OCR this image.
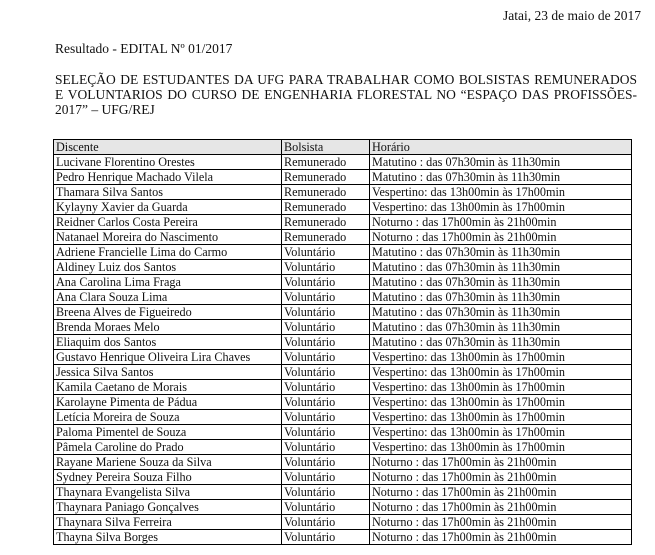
Jatai, 23 de maio de 2017
Resultado - EDITAL Nº 01/2017
SELEÇÃO DE ESTUDANTES DA UFG PARA TRABALHAR COMO BOLSISTAS REMUNERADOS E VOLUNTARIOS DO CURSO DE ENGENHARIA FLORESTAL NO “ESPAÇO DAS PROFISSÕES-2017” – UFG/REJ
Discente	Bolsista	Horário
Lucivane Florentino Orestes	Remunerado	Matutino : das 07h30min às 11h30min
Pedro Henrique Machado Vilela	Remunerado	Matutino : das 07h30min às 11h30min
Thamara Silva Santos	Remunerado	Vespertino: das 13h00min às 17h00min
Kylayny Xavier da Guarda	Remunerado	Vespertino: das 13h00min às 17h00min
Reidner Carlos Costa Pereira	Remunerado	Noturno : das 17h00min às 21h00min
Natanael Moreira do Nascimento	Remunerado	Noturno : das 17h00min às 21h00min
Adriene Francielle Lima do Carmo	Voluntário	Matutino : das 07h30min às 11h30min
Aldiney Luiz dos Santos	Voluntário	Matutino : das 07h30min às 11h30min
Ana Carolina Lima Fraga	Voluntário	Matutino : das 07h30min às 11h30min
Ana Clara Souza Lima	Voluntário	Matutino : das 07h30min às 11h30min
Breena Alves de Figueiredo	Voluntário	Matutino : das 07h30min às 11h30min
Brenda Moraes Melo	Voluntário	Matutino : das 07h30min às 11h30min
Eliaquim dos Santos	Voluntário	Matutino : das 07h30min às 11h30min
Gustavo Henrique Oliveira Lira Chaves	Voluntário	Vespertino: das 13h00min às 17h00min
Jessica Silva Santos	Voluntário	Vespertino: das 13h00min às 17h00min
Kamila Caetano de Morais	Voluntário	Vespertino: das 13h00min às 17h00min
Karolayne Pimenta de Pádua	Voluntário	Vespertino: das 13h00min às 17h00min
Letícia Moreira de Souza	Voluntário	Vespertino: das 13h00min às 17h00min
Paloma Pimentel de Souza	Voluntário	Vespertino: das 13h00min às 17h00min
Pâmela Caroline do Prado	Voluntário	Vespertino: das 13h00min às 17h00min
Rayane Mariene Souza da Silva	Voluntário	Noturno : das 17h00min às 21h00min
Sydney Pereira Souza Filho	Voluntário	Noturno : das 17h00min às 21h00min
Thaynara Evangelista Silva	Voluntário	Noturno : das 17h00min às 21h00min
Thaynara Paniago Gonçalves	Voluntário	Noturno : das 17h00min às 21h00min
Thaynara Silva Ferreira	Voluntário	Noturno : das 17h00min às 21h00min
Thayna Silva Borges	Voluntário	Noturno : das 17h00min às 21h00min
